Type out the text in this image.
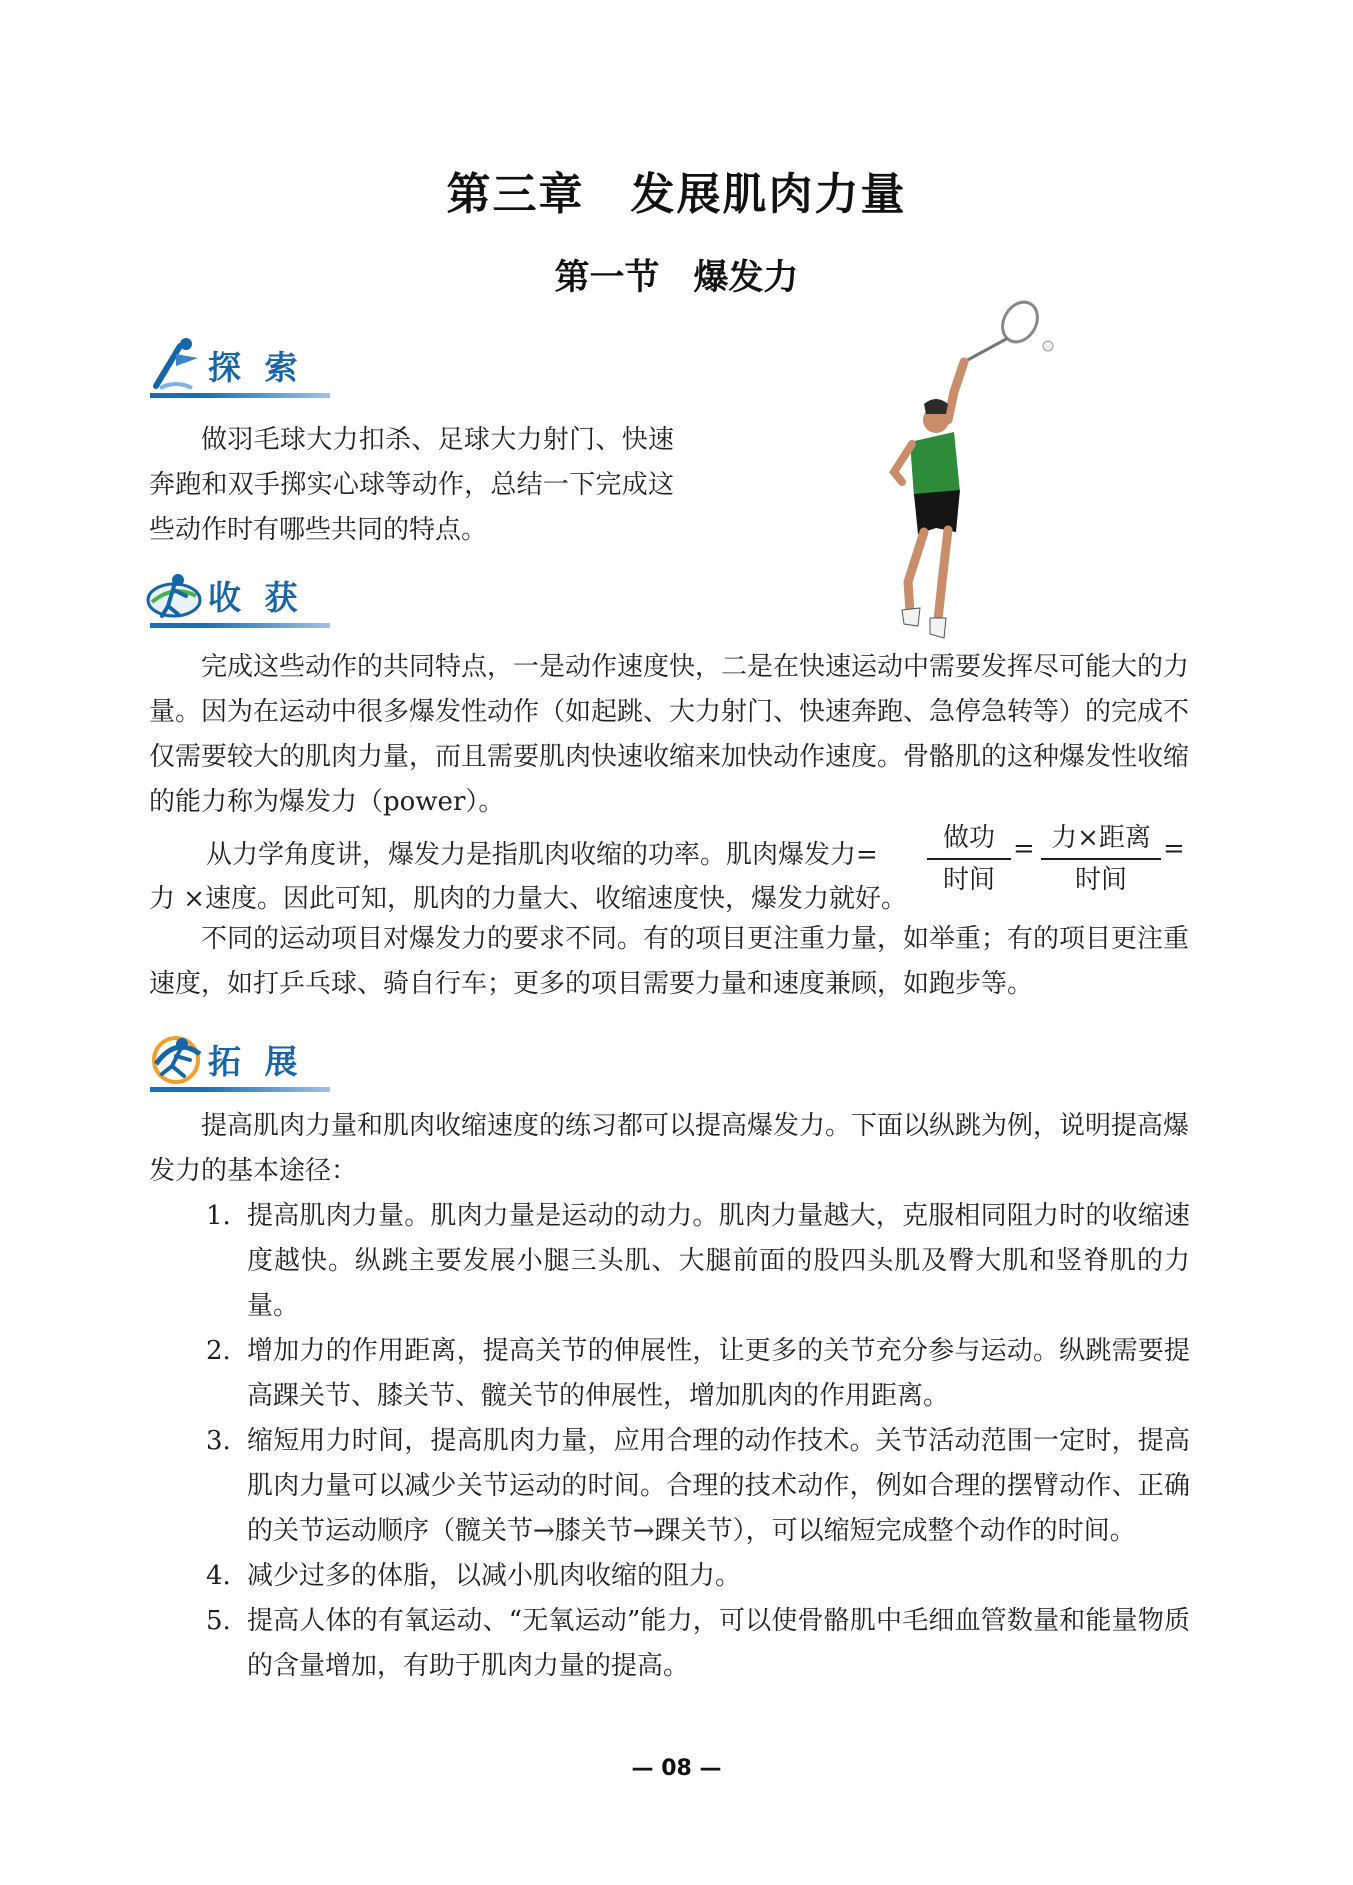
第三章 发展肌肉力量
第一节 爆发力
探 索

做羽毛球大力扣杀、足球大力射门、快速奔跑和双手掷实心球等动作，总结一下完成这些动作时有哪些共同的特点。

收 获

完成这些动作的共同特点，一是动作速度快，二是在快速运动中需要发挥尽可能大的力量。因为在运动中很多爆发性动作（如起跳、大力射门、快速奔跑、急停急转等）的完成不仅需要较大的肌肉力量，而且需要肌肉快速收缩来加快动作速度。骨骼肌的这种爆发性收缩的能力称为爆发力（power）。

从力学角度讲，爆发力是指肌肉收缩的功率。肌肉爆发力=
做功
时间
= 力×距离
时间
=
力 ×速度。因此可知，肌肉的力量大、收缩速度快，爆发力就好。

不同的运动项目对爆发力的要求不同。有的项目更注重力量，如举重；有的项目更注重速度，如打乒乓球、骑自行车；更多的项目需要力量和速度兼顾，如跑步等。

拓 展

提高肌肉力量和肌肉收缩速度的练习都可以提高爆发力。下面以纵跳为例，说明提高爆发力的基本途径：

1. 提高肌肉力量。肌肉力量是运动的动力。肌肉力量越大，克服相同阻力时的收缩速度越快。纵跳主要发展小腿三头肌、大腿前面的股四头肌及臀大肌和竖脊肌的力量。
2. 增加力的作用距离，提高关节的伸展性，让更多的关节充分参与运动。纵跳需要提高踝关节、膝关节、髋关节的伸展性，增加肌肉的作用距离。
3. 缩短用力时间，提高肌肉力量，应用合理的动作技术。关节活动范围一定时，提高肌肉力量可以减少关节运动的时间。合理的技术动作，例如合理的摆臂动作、正确的关节运动顺序（髋关节→膝关节→踝关节），可以缩短完成整个动作的时间。
4. 减少过多的体脂，以减小肌肉收缩的阻力。
5. 提高人体的有氧运动、“无氧运动”能力，可以使骨骼肌中毛细血管数量和能量物质的含量增加，有助于肌肉力量的提高。
— 08 —
